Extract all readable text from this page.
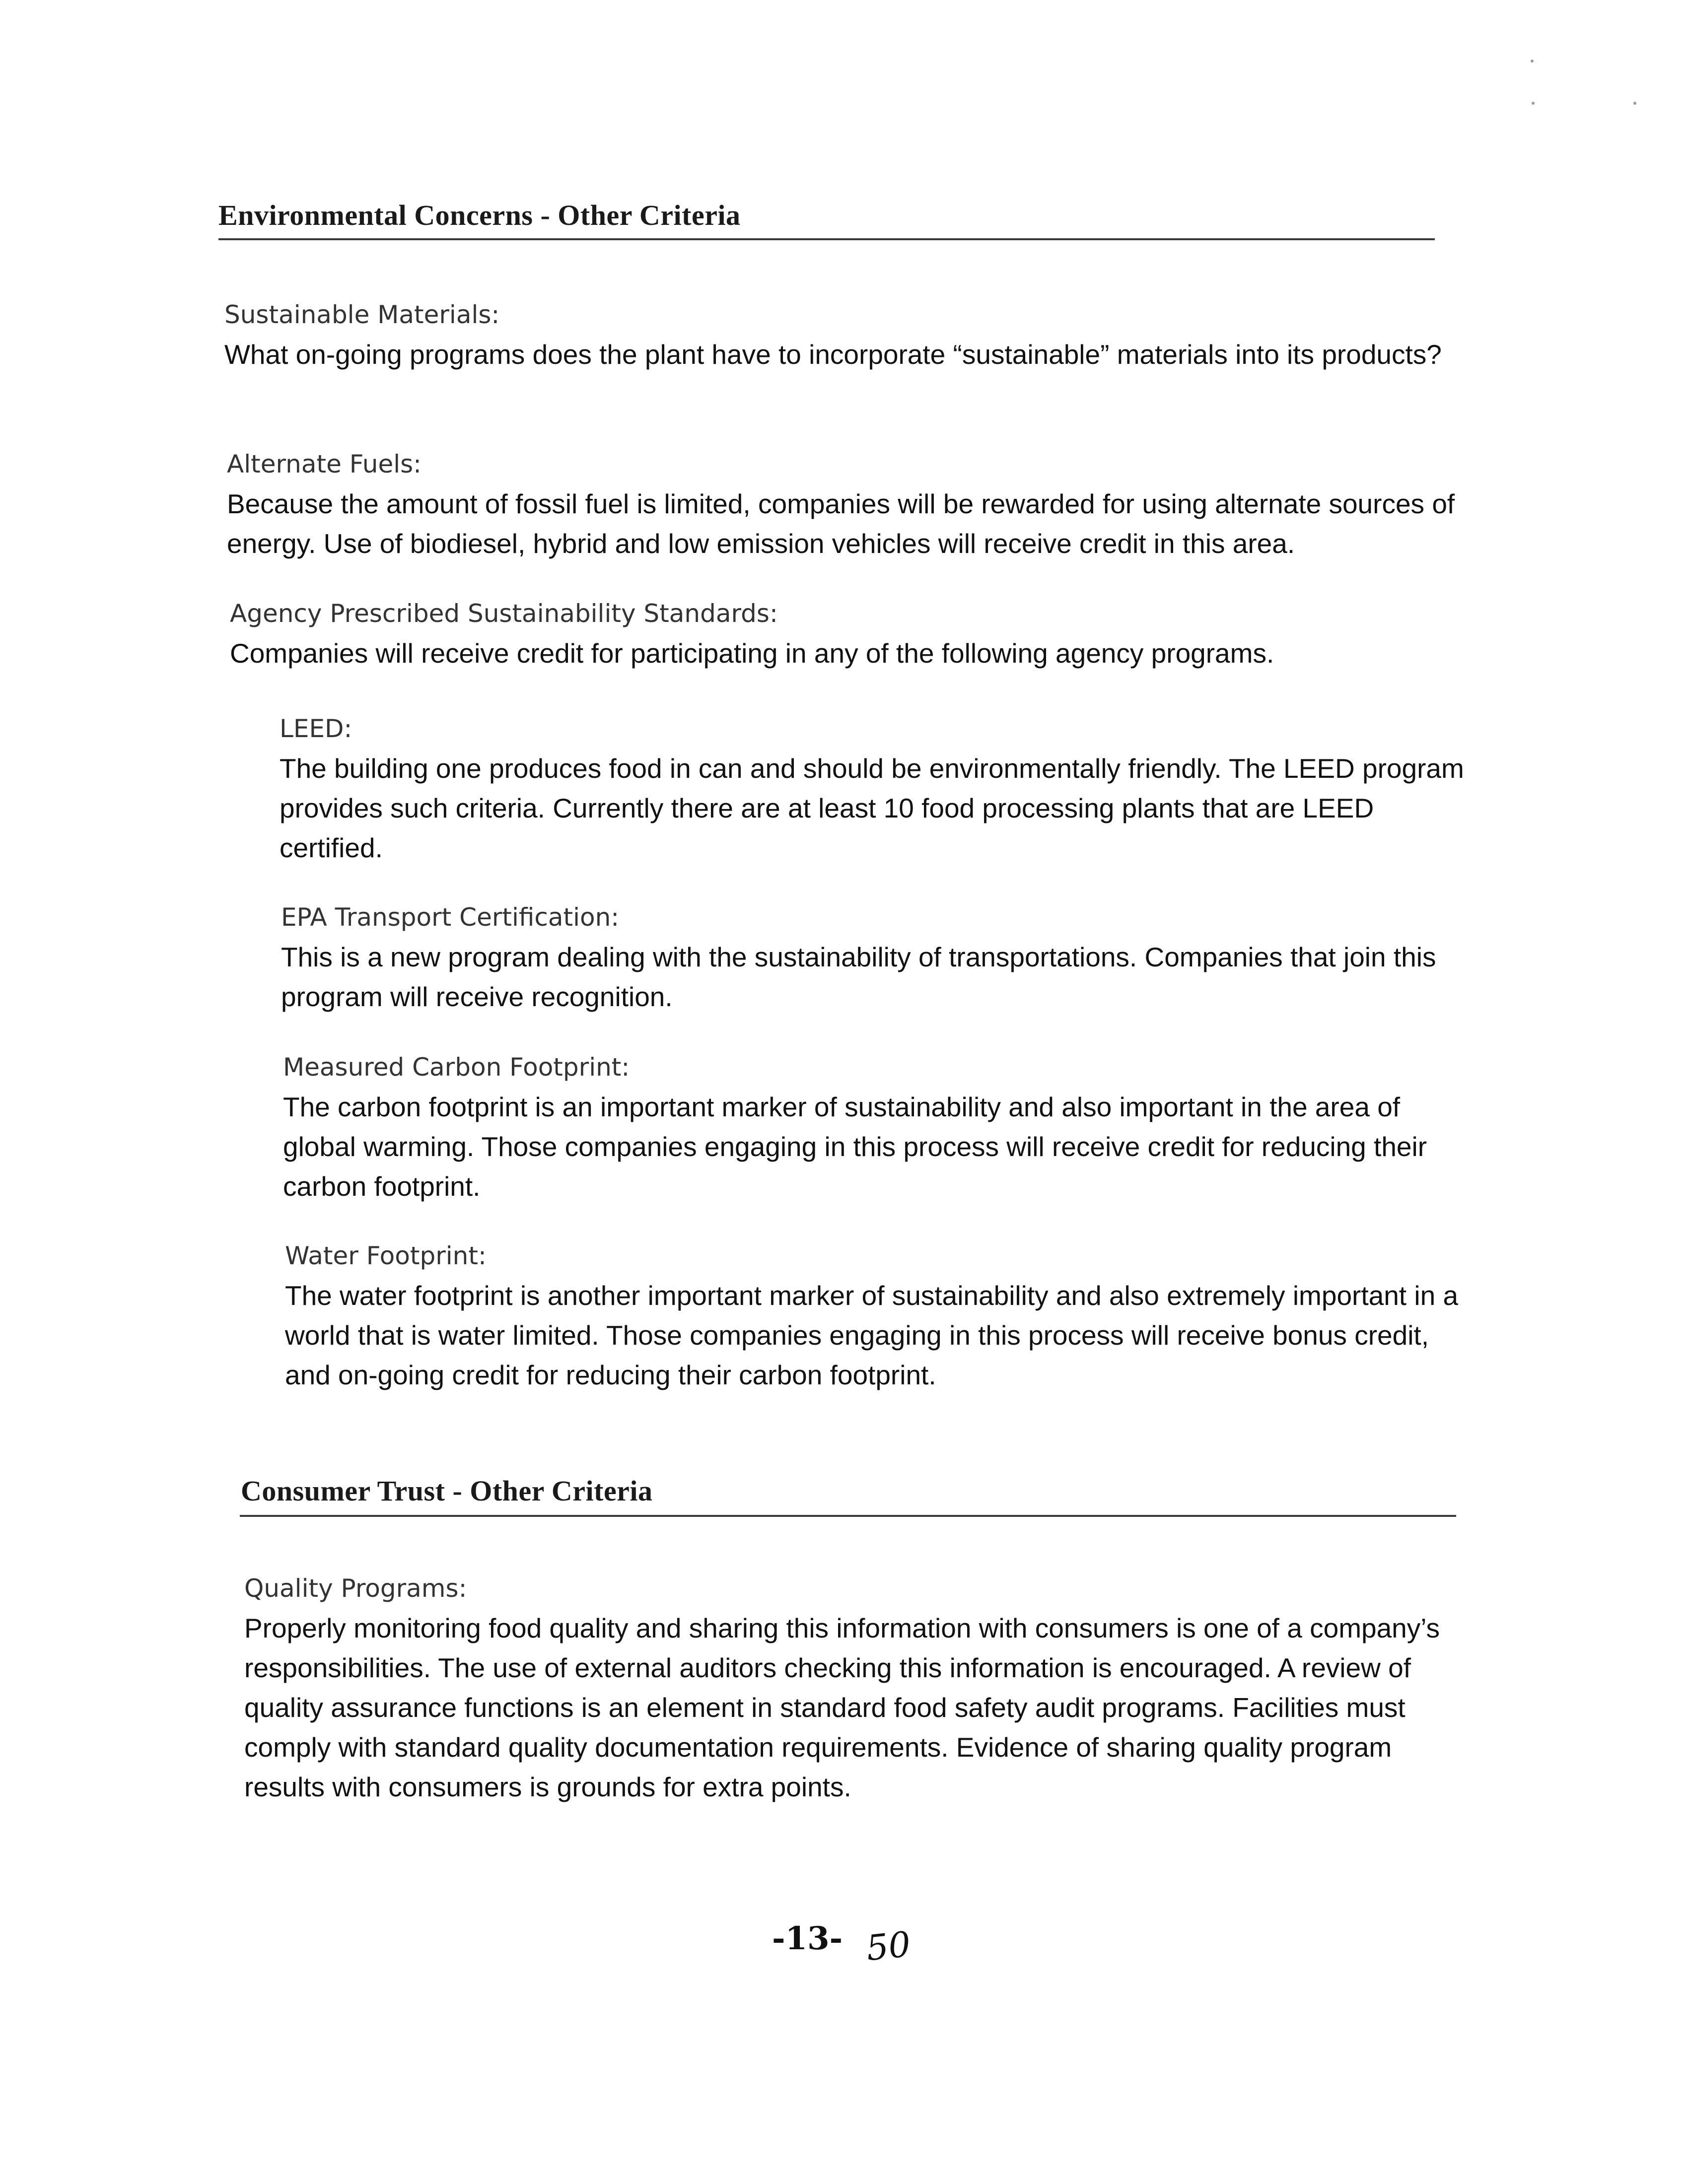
Environmental Concerns - Other Criteria
Sustainable Materials:
What on-going programs does the plant have to incorporate “sustainable” materials into its products?
Alternate Fuels:
Because the amount of fossil fuel is limited, companies will be rewarded for using alternate sources of energy. Use of biodiesel, hybrid and low emission vehicles will receive credit in this area.
Agency Prescribed Sustainability Standards:
Companies will receive credit for participating in any of the following agency programs.
LEED:
The building one produces food in can and should be environmentally friendly. The LEED program provides such criteria. Currently there are at least 10 food processing plants that are LEED certified.
EPA Transport Certification:
This is a new program dealing with the sustainability of transportations. Companies that join this program will receive recognition.
Measured Carbon Footprint:
The carbon footprint is an important marker of sustainability and also important in the area of global warming. Those companies engaging in this process will receive credit for reducing their carbon footprint.
Water Footprint:
The water footprint is another important marker of sustainability and also extremely important in a world that is water limited. Those companies engaging in this process will receive bonus credit, and on-going credit for reducing their carbon footprint.
Consumer Trust - Other Criteria
Quality Programs:
Properly monitoring food quality and sharing this information with consumers is one of a company’s responsibilities. The use of external auditors checking this information is encouraged. A review of quality assurance functions is an element in standard food safety audit programs. Facilities must comply with standard quality documentation requirements. Evidence of sharing quality program results with consumers is grounds for extra points.
-13- 50
